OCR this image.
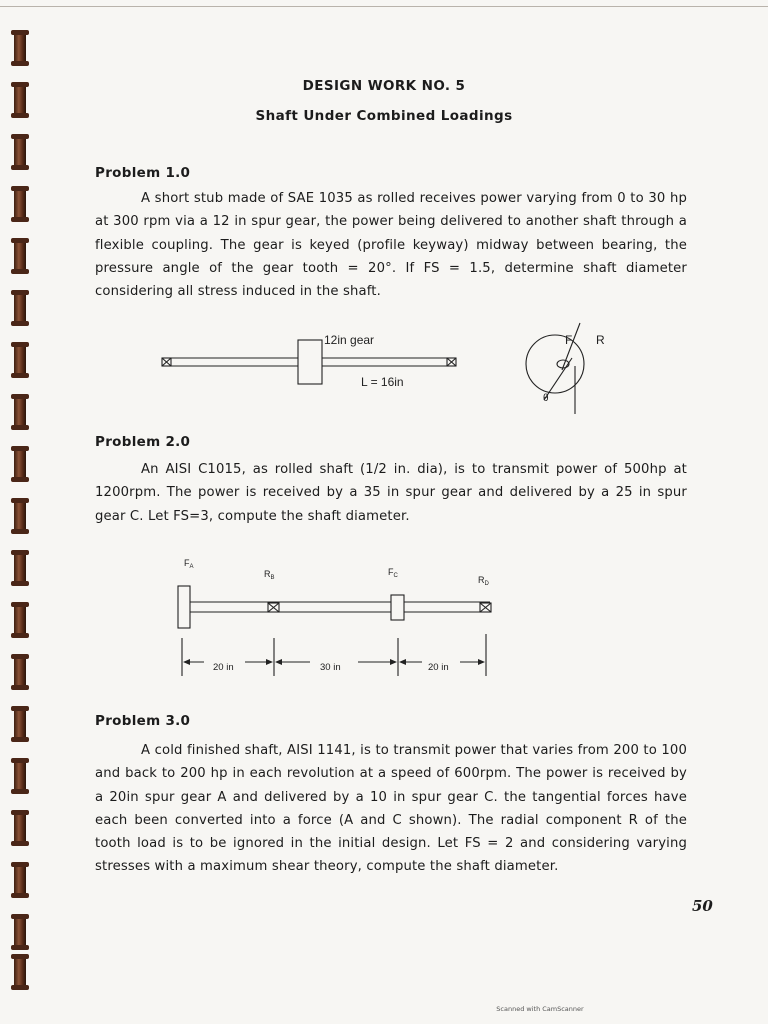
DESIGN WORK NO. 5
Shaft Under Combined Loadings
Problem 1.0

A short stub made of SAE 1035 as rolled receives power varying from 0 to 30 hp at 300 rpm via a 12 in spur gear, the power being delivered to another shaft through a flexible coupling. The gear is keyed (profile keyway) midway between bearing, the pressure angle of the gear tooth = 20°. If FS = 1.5, determine shaft diameter considering all stress induced in the shaft.

12in gear
L = 16in
F R
θ
Problem 2.0

An AISI C1015, as rolled shaft (1/2 in. dia), is to transmit power of 500hp at 1200rpm. The power is received by a 35 in spur gear and delivered by a 25 in spur gear C. Let FS=3, compute the shaft diameter.

$F_A$
$R_B$
$F_C$	$R_D$
20 in	30 in	20 in
Problem 3.0

A cold finished shaft, AISI 1141, is to transmit power that varies from 200 to 100 and back to 200 hp in each revolution at a speed of 600rpm. The power is received by a 20in spur gear A and delivered by a 10 in spur gear C. the tangential forces have each been converted into a force (A and C shown). The radial component R of the tooth load is to be ignored in the initial design. Let FS = 2 and considering varying stresses with a maximum shear theory, compute the shaft diameter.

50
Scanned with CamScanner
